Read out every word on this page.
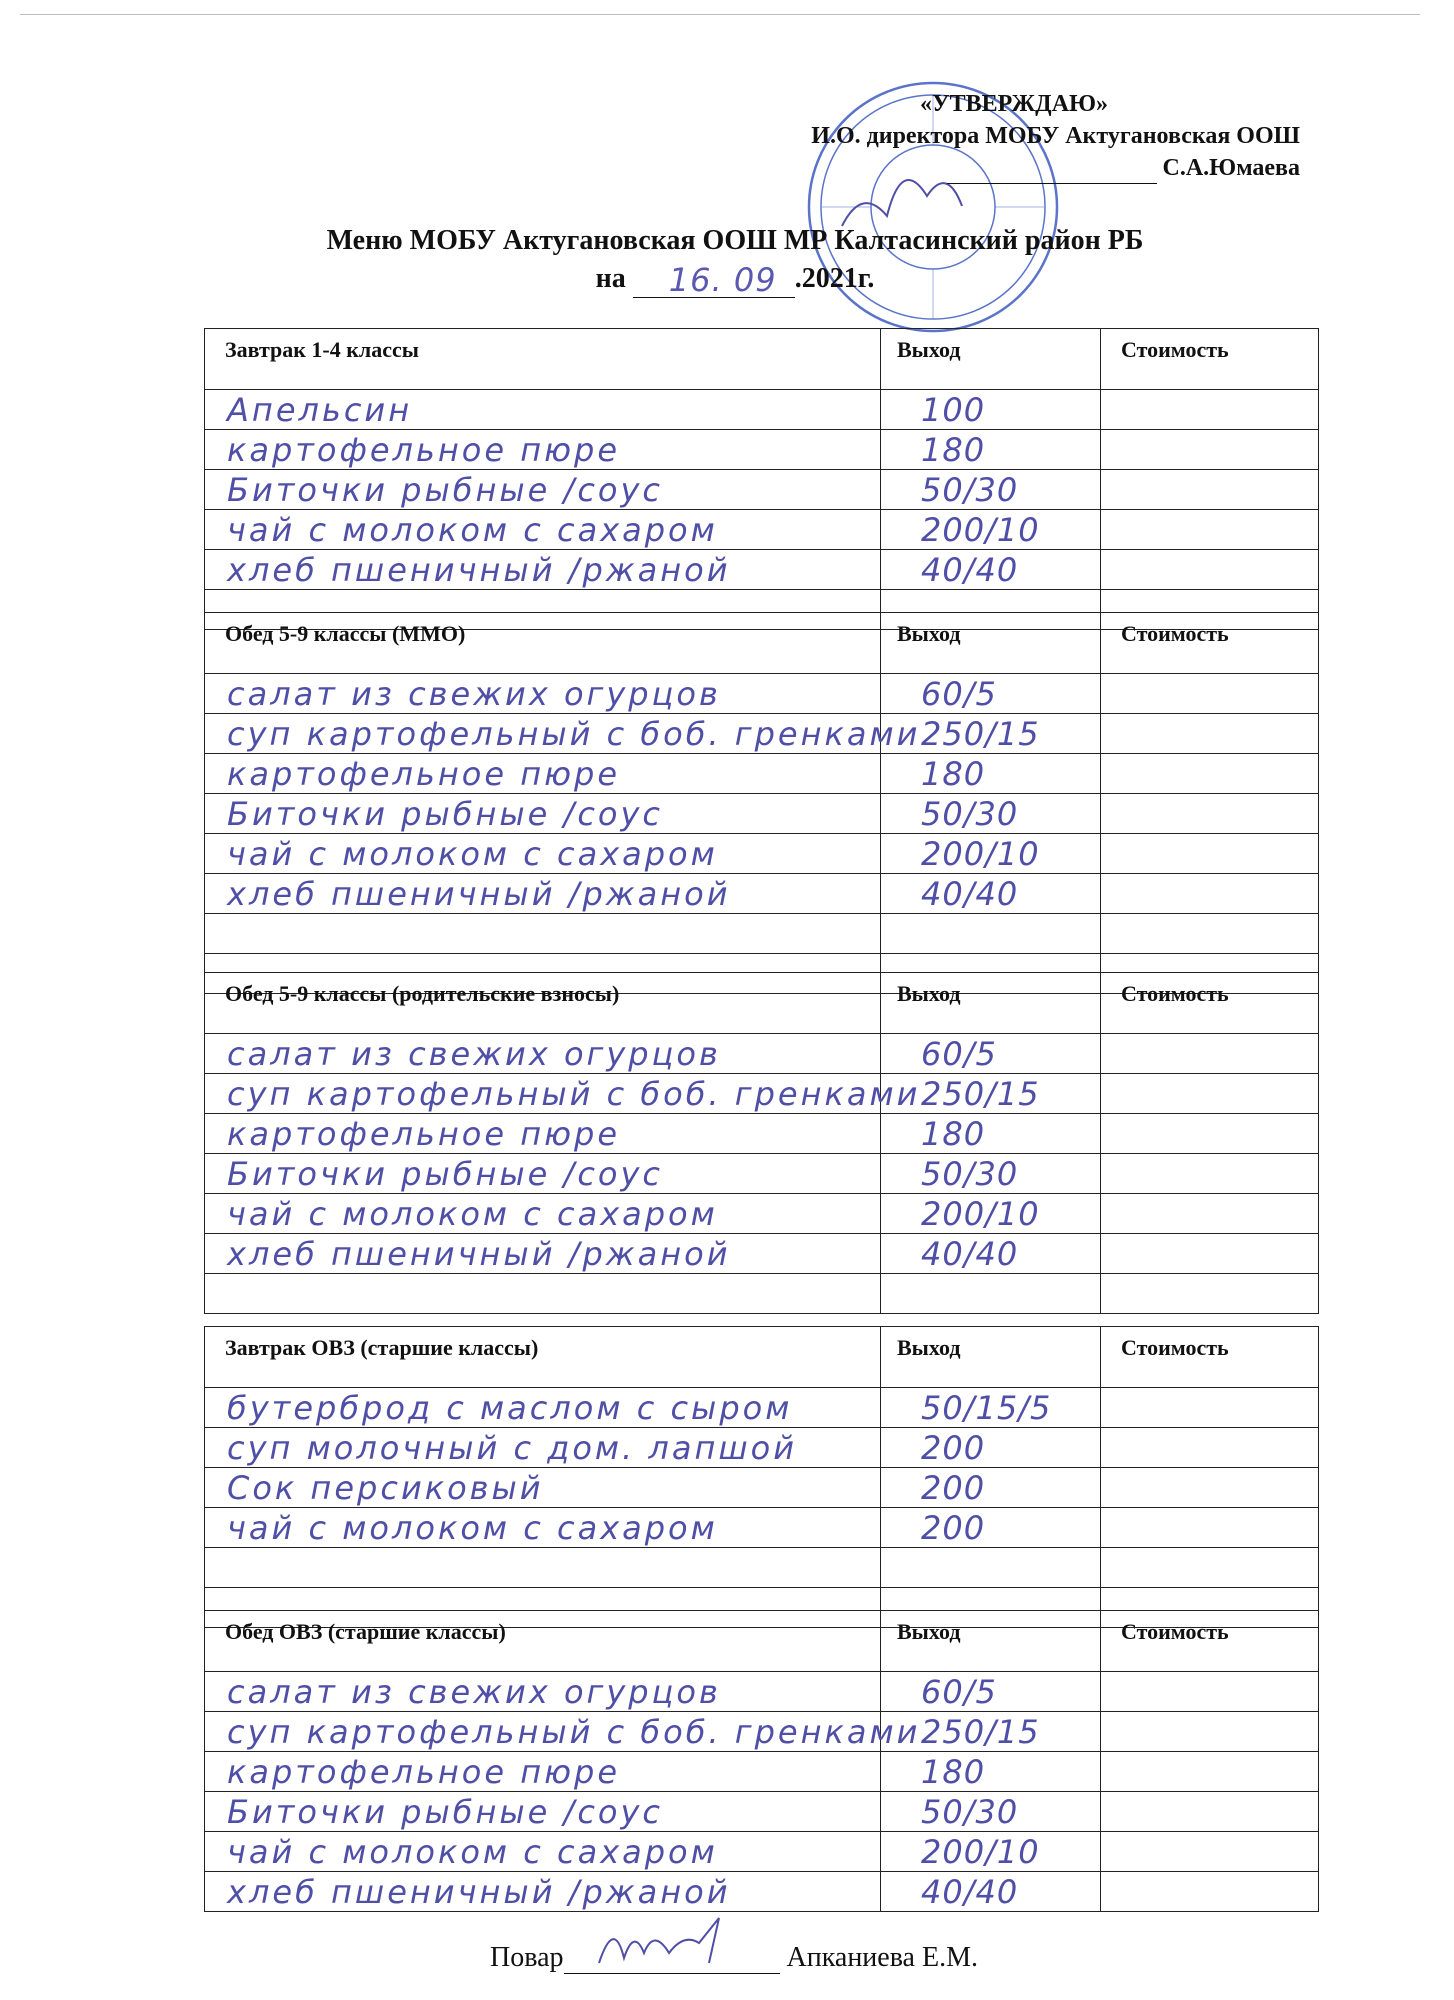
«УТВЕРЖДАЮ»
И.О. директора МОБУ Актугановская ООШ
С.А.Юмаева
Меню МОБУ Актугановская ООШ МР Калтасинский район РБ
на 16. 09 .2021г.
Завтрак 1-4 классы	Выход	Стоимость
Апельсин	100	
картофельное пюре	180	
Биточки рыбные /соус	50/30	
чай с молоком с сахаром	200/10	
хлеб пшеничный /ржаной	40/40	

Обед 5-9 классы (ММО)	Выход	Стоимость
салат из свежих огурцов	60/5	
суп картофельный с боб. гренками	250/15	
картофельное пюре	180	
Биточки рыбные /соус	50/30	
чай с молоком с сахаром	200/10	
хлеб пшеничный /ржаной	40/40	

Обед 5-9 классы (родительские взносы)	Выход	Стоимость
салат из свежих огурцов	60/5	
суп картофельный с боб. гренками	250/15	
картофельное пюре	180	
Биточки рыбные /соус	50/30	
чай с молоком с сахаром	200/10	
хлеб пшеничный /ржаной	40/40	

Завтрак ОВЗ (старшие классы)	Выход	Стоимость
бутерброд с маслом с сыром	50/15/5	
суп молочный с дом. лапшой	200	
Сок персиковый	200	
чай с молоком с сахаром	200	

Обед ОВЗ (старшие классы)	Выход	Стоимость
салат из свежих огурцов	60/5	
суп картофельный с боб. гренками	250/15	
картофельное пюре	180	
Биточки рыбные /соус	50/30	
чай с молоком с сахаром	200/10	
хлеб пшеничный /ржаной	40/40	
Повар	Апканиева Е.М.
